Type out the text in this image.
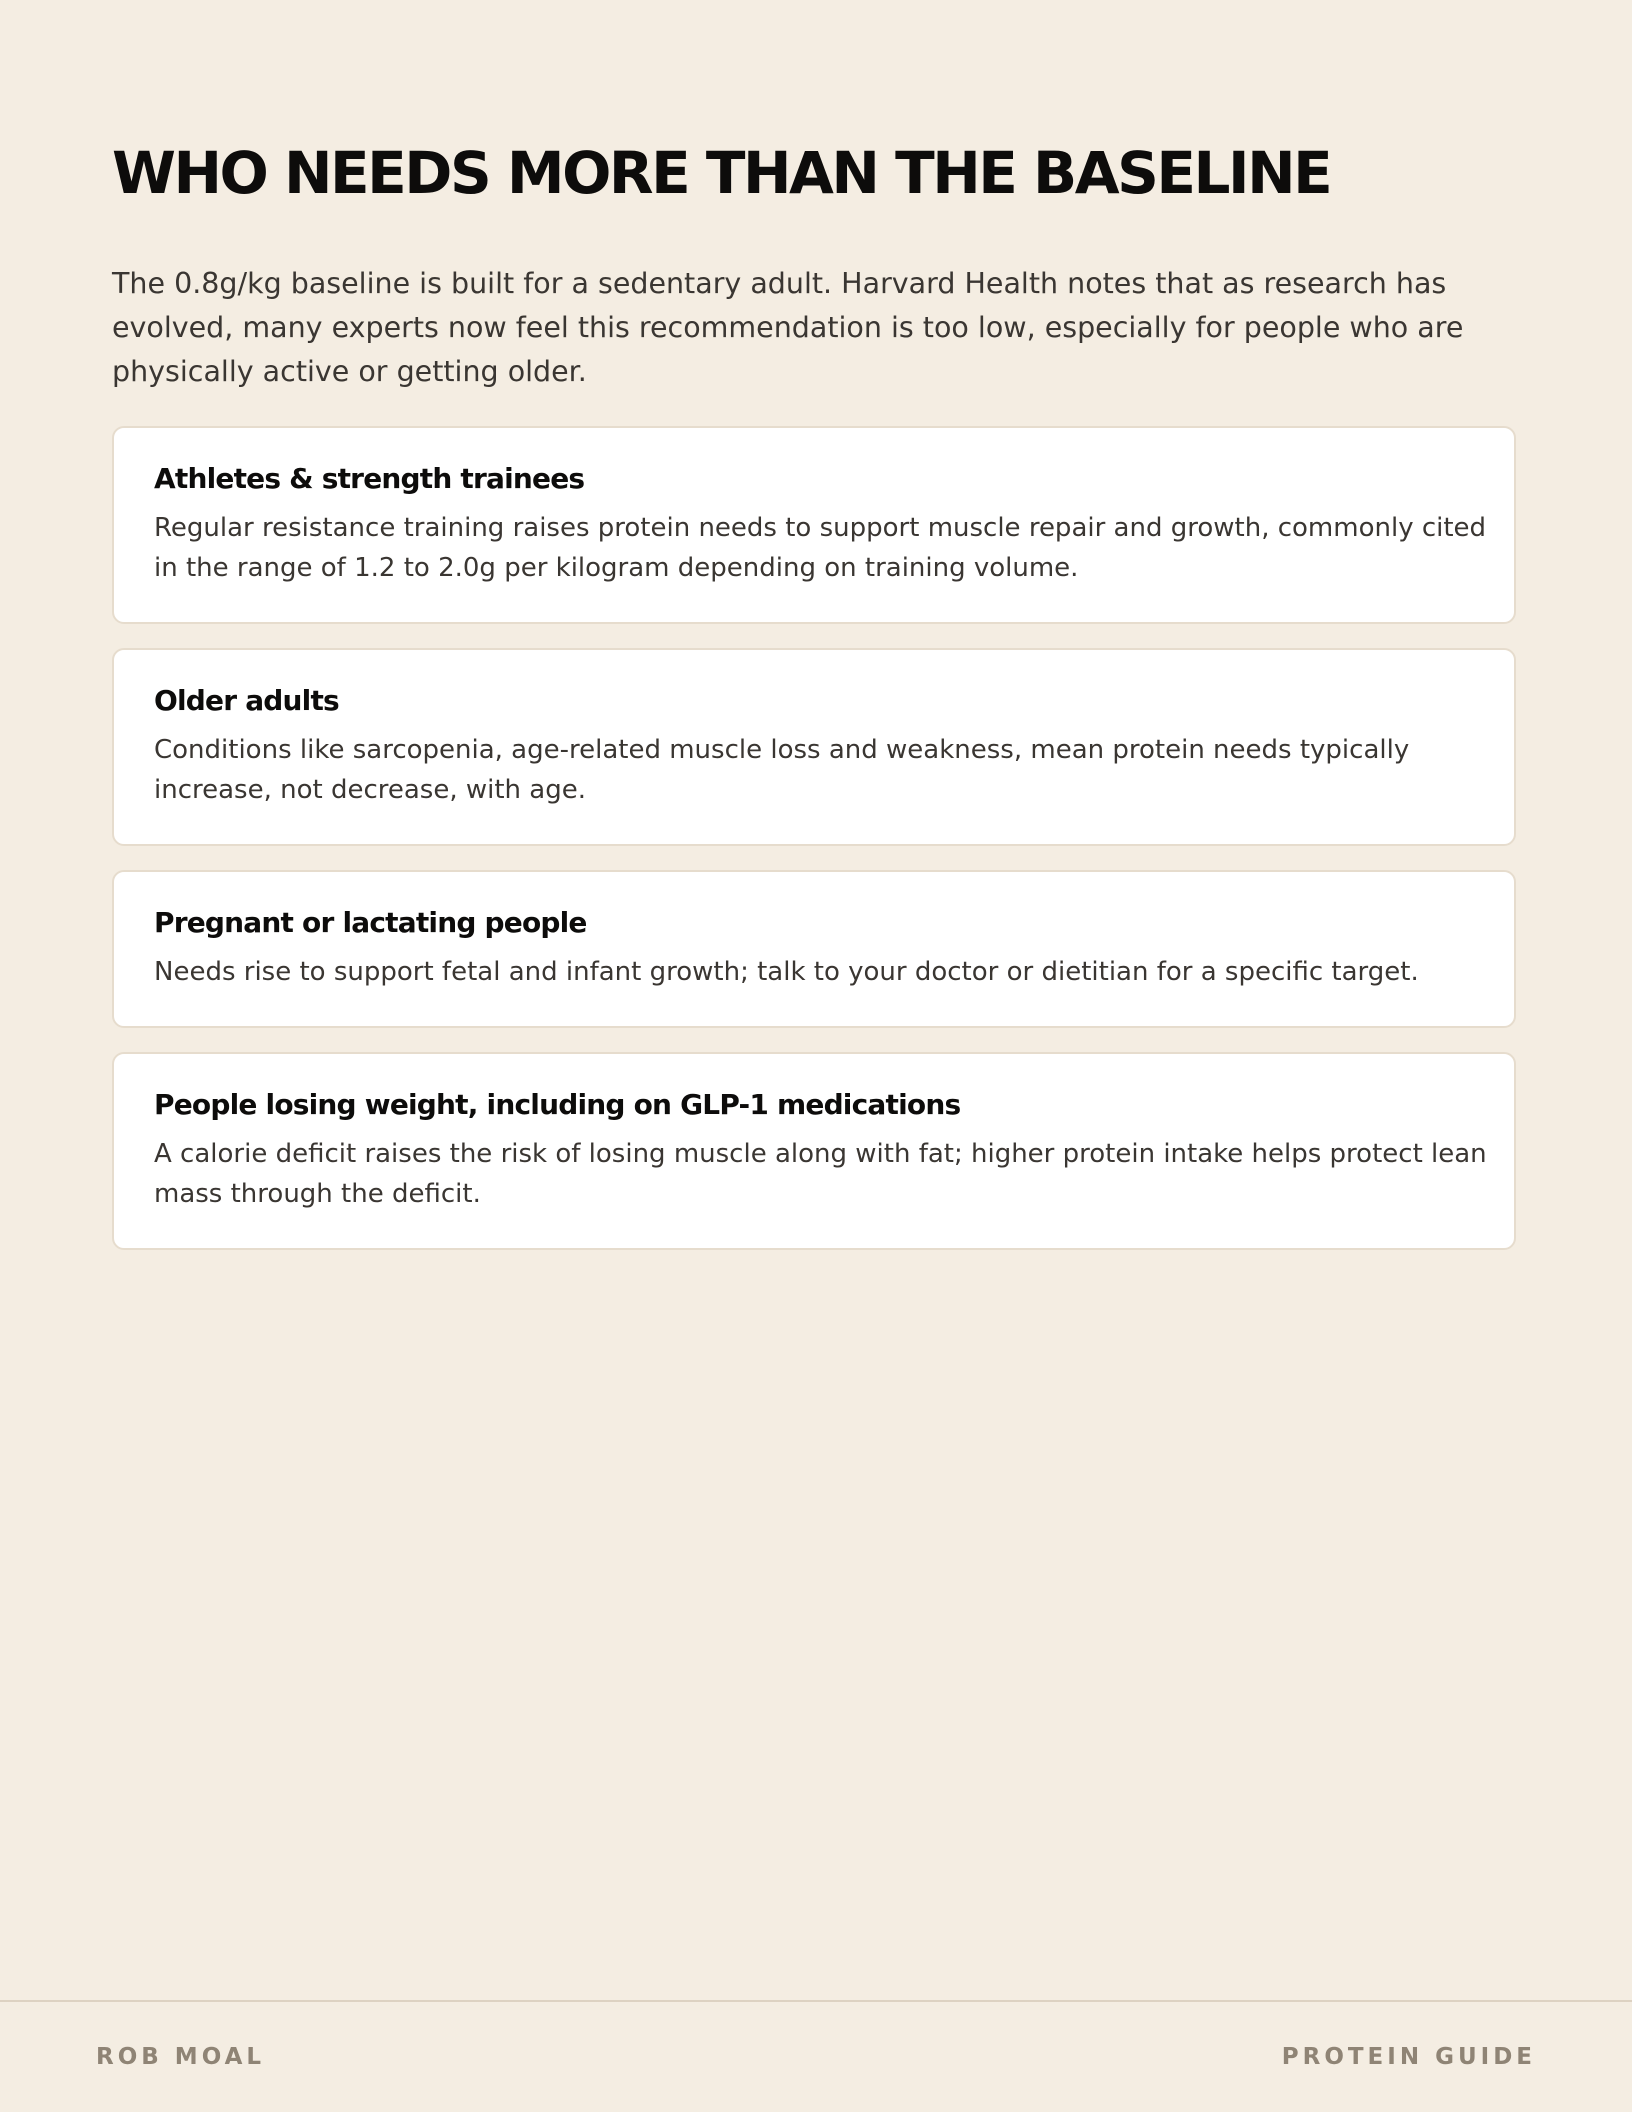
WHO NEEDS MORE THAN THE BASELINE

The 0.8g/kg baseline is built for a sedentary adult. Harvard Health notes that as research has evolved, many experts now feel this recommendation is too low, especially for people who are physically active or getting older.

Athletes & strength trainees

Regular resistance training raises protein needs to support muscle repair and growth, commonly cited in the range of 1.2 to 2.0g per kilogram depending on training volume.

Older adults

Conditions like sarcopenia, age-related muscle loss and weakness, mean protein needs typically increase, not decrease, with age.

Pregnant or lactating people

Needs rise to support fetal and infant growth; talk to your doctor or dietitian for a specific target.

People losing weight, including on GLP-1 medications

A calorie deficit raises the risk of losing muscle along with fat; higher protein intake helps protect lean mass through the deficit.

ROB MOAL	PROTEIN GUIDE
